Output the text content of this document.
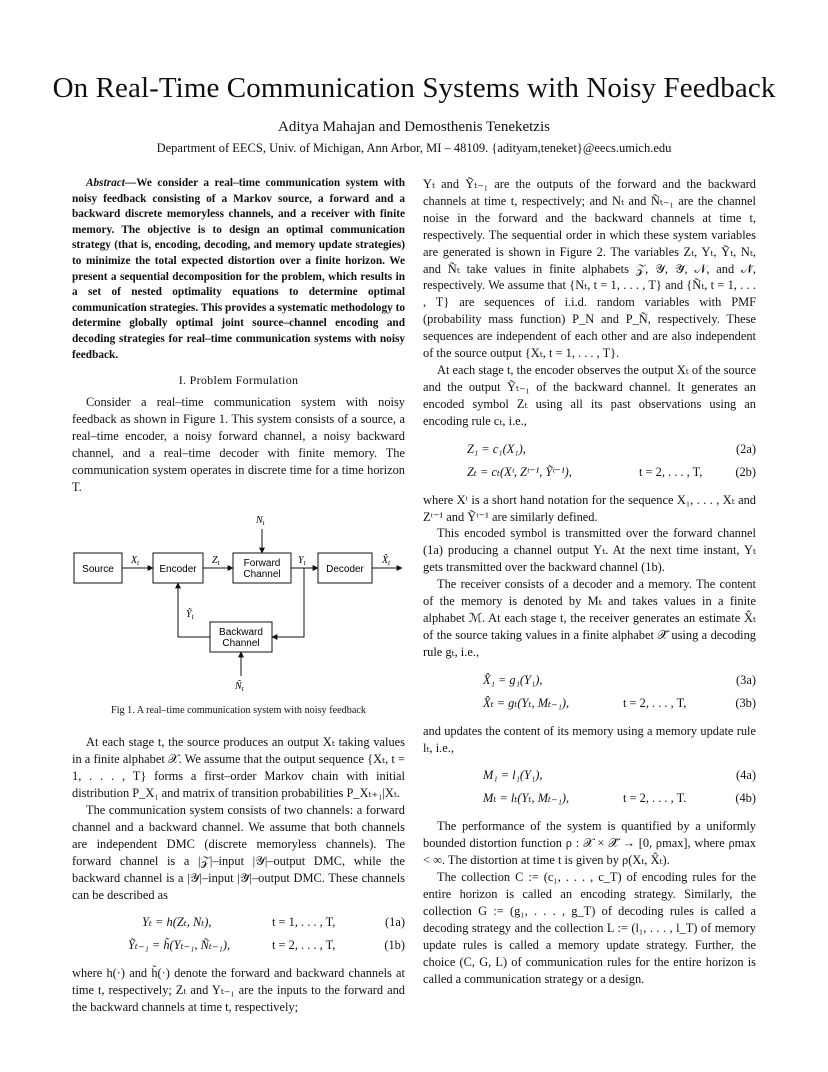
On Real-Time Communication Systems with Noisy Feedback
Aditya Mahajan and Demosthenis Teneketzis
Department of EECS, Univ. of Michigan, Ann Arbor, MI – 48109. {adityam,teneket}@eecs.umich.edu

Abstract—We consider a real–time communication system with noisy feedback consisting of a Markov source, a forward and a backward discrete memoryless channels, and a receiver with finite memory. The objective is to design an optimal communication strategy (that is, encoding, decoding, and memory update strategies) to minimize the total expected distortion over a finite horizon. We present a sequential decomposition for the problem, which results in a set of nested optimality equations to determine optimal communication strategies. This provides a systematic methodology to determine globally optimal joint source–channel encoding and decoding strategies for real–time communication systems with noisy feedback.

I. Problem Formulation

Consider a real–time communication system with noisy feedback as shown in Figure 1. This system consists of a source, a real–time encoder, a noisy forward channel, a noisy backward channel, and a real–time decoder with finite memory. The communication system operates in discrete time for a time horizon T.

Source	Encoder
Forward
Channel	Decoder
Backward
Channel
$X_t$	$Z_t$	$Y_t$	$X̂_t$
$N_t$
Ỹ$_t$
$Ñ_t$
Fig 1. A real–time communication system with noisy feedback

At each stage t, the source produces an output Xₜ taking values in a finite alphabet 𝒳. We assume that the output sequence {Xₜ, t = 1, . . . , T} forms a first–order Markov chain with initial distribution P_X₁ and matrix of transition probabilities P_Xₜ₊₁|Xₜ.

The communication system consists of two channels: a forward channel and a backward channel. We assume that both channels are independent DMC (discrete memoryless channels). The forward channel is a |𝒵|–input |𝒴|–output DMC, while the backward channel is a |𝒴|–input |𝒴̃|–output DMC. These channels can be described as

Yₜ = h(Zₜ, Nₜ),	t = 1, . . . , T,	(1a)
Ỹₜ₋₁ = h̃(Yₜ₋₁, Ñₜ₋₁),	t = 2, . . . , T,	(1b)

where h(·) and h̃(·) denote the forward and backward channels at time t, respectively; Zₜ and Yₜ₋₁ are the inputs to the forward and the backward channels at time t, respectively;

Yₜ and Ỹₜ₋₁ are the outputs of the forward and the backward channels at time t, respectively; and Nₜ and Ñₜ₋₁ are the channel noise in the forward and the backward channels at time t, respectively. The sequential order in which these system variables are generated is shown in Figure 2. The variables Zₜ, Yₜ, Ỹₜ, Nₜ, and Ñₜ take values in finite alphabets 𝒵, 𝒴, 𝒴̃, 𝒩, and 𝒩̃, respectively. We assume that {Nₜ, t = 1, . . . , T} and {Ñₜ, t = 1, . . . , T} are sequences of i.i.d. random variables with PMF (probability mass function) P_N and P_Ñ, respectively. These sequences are independent of each other and are also independent of the source output {Xₜ, t = 1, . . . , T}.

At each stage t, the encoder observes the output Xₜ of the source and the output Ỹₜ₋₁ of the backward channel. It generates an encoded symbol Zₜ using all its past observations using an encoding rule cₜ, i.e.,

Z₁ = c₁(X₁),	(2a)
Zₜ = cₜ(Xᵗ, Zᵗ⁻¹, Ỹᵗ⁻¹),	t = 2, . . . , T,	(2b)

where Xᵗ is a short hand notation for the sequence X₁, . . . , Xₜ and Zᵗ⁻¹ and Ỹᵗ⁻¹ are similarly defined.

This encoded symbol is transmitted over the forward channel (1a) producing a channel output Yₜ. At the next time instant, Yₜ gets transmitted over the backward channel (1b).

The receiver consists of a decoder and a memory. The content of the memory is denoted by Mₜ and takes values in a finite alphabet ℳ. At each stage t, the receiver generates an estimate X̂ₜ of the source taking values in a finite alphabet 𝒳̂ using a decoding rule gₜ, i.e.,

X̂₁ = g₁(Y₁),	(3a)
X̂ₜ = gₜ(Yₜ, Mₜ₋₁),	t = 2, . . . , T,	(3b)

and updates the content of its memory using a memory update rule lₜ, i.e.,

M₁ = l₁(Y₁),	(4a)
Mₜ = lₜ(Yₜ, Mₜ₋₁),	t = 2, . . . , T.	(4b)

The performance of the system is quantified by a uniformly bounded distortion function ρ : 𝒳 × 𝒳̂ → [0, ρmax], where ρmax < ∞. The distortion at time t is given by ρ(Xₜ, X̂ₜ).

The collection C := (c₁, . . . , c_T) of encoding rules for the entire horizon is called an encoding strategy. Similarly, the collection G := (g₁, . . . , g_T) of decoding rules is called a decoding strategy and the collection L := (l₁, . . . , l_T) of memory update rules is called a memory update strategy. Further, the choice (C, G, L) of communication rules for the entire horizon is called a communication strategy or a design.
